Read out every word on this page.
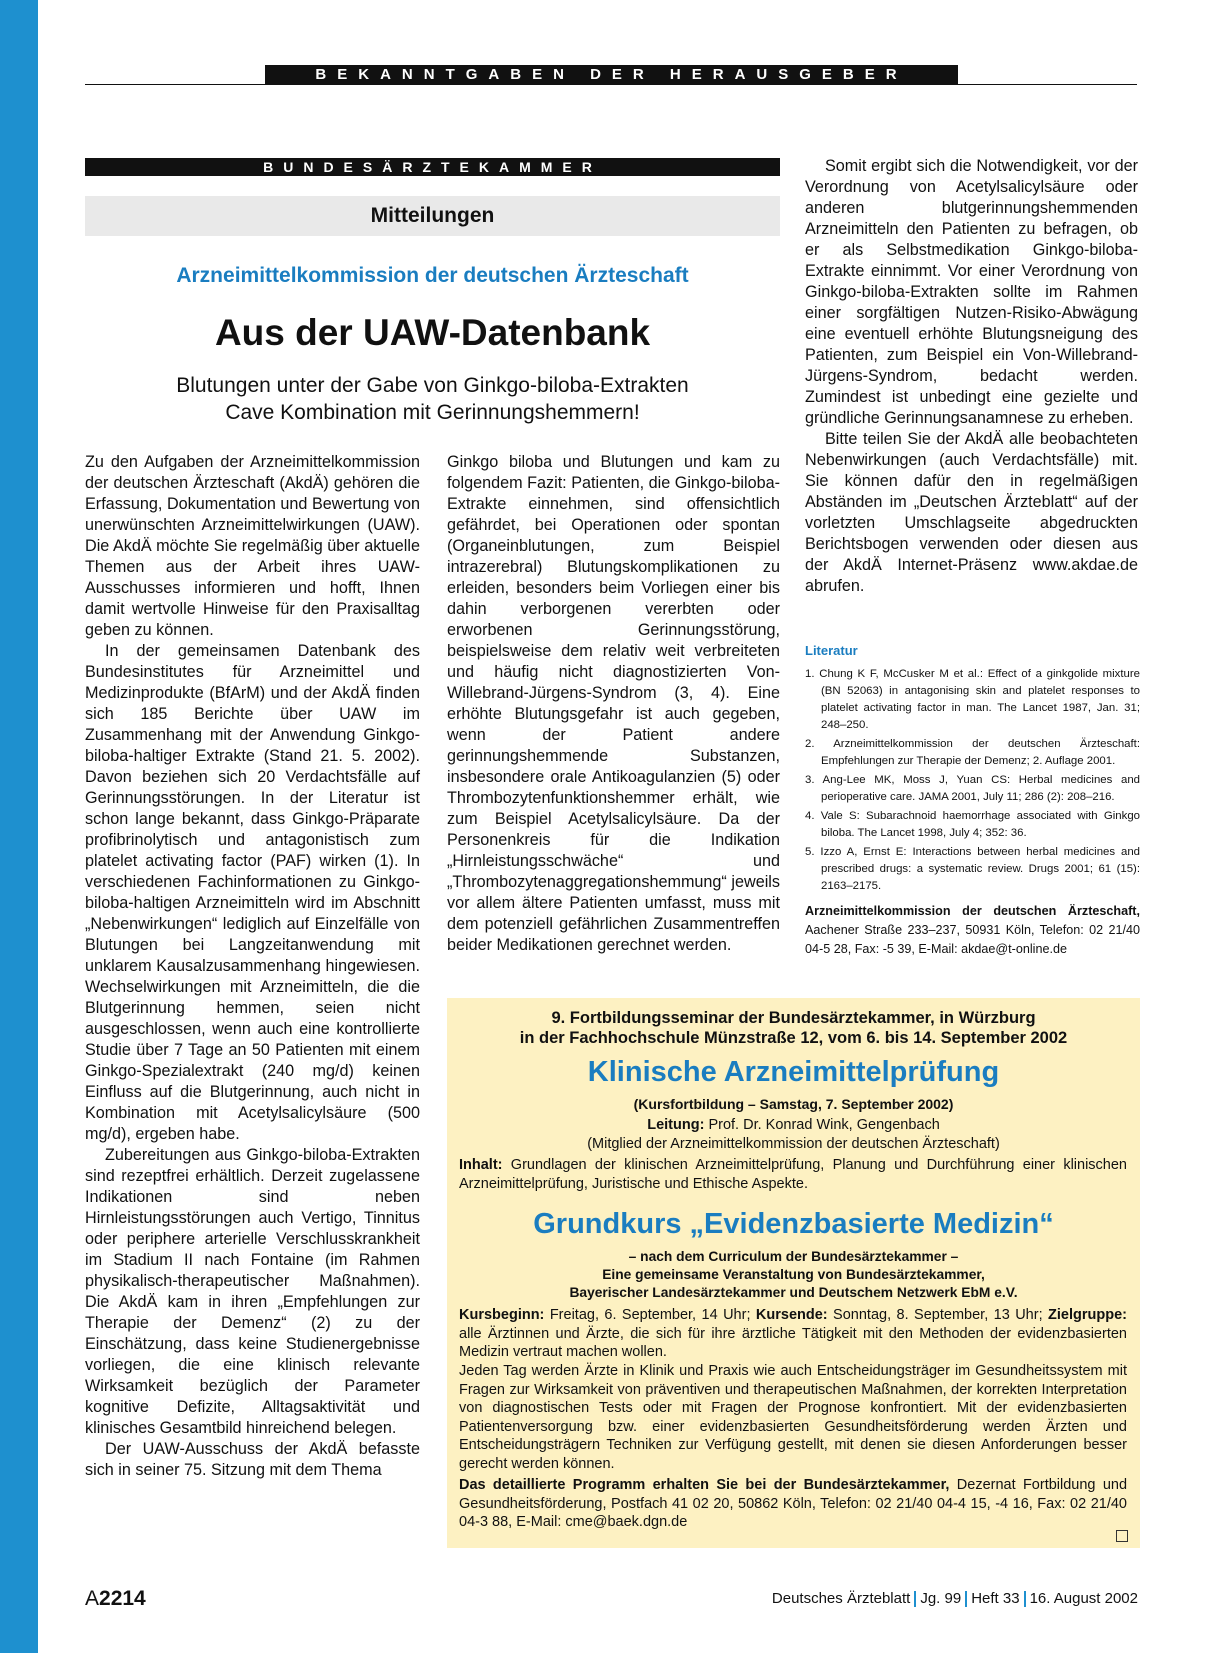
BEKANNTGABEN DER HERAUSGEBER
BUNDESÄRZTEKAMMER
Mitteilungen
Arzneimittelkommission der deutschen Ärzteschaft
Aus der UAW-Datenbank
Blutungen unter der Gabe von Ginkgo-biloba-Extrakten
Cave Kombination mit Gerinnungshemmern!

Zu den Aufgaben der Arzneimittelkommission der deutschen Ärzteschaft (AkdÄ) gehören die Erfassung, Dokumentation und Bewertung von unerwünschten Arzneimittelwirkungen (UAW). Die AkdÄ möchte Sie regelmäßig über aktuelle Themen aus der Arbeit ihres UAW-Ausschusses informieren und hofft, Ihnen damit wertvolle Hinweise für den Praxisalltag geben zu können.

In der gemeinsamen Datenbank des Bundesinstitutes für Arzneimittel und Medizinprodukte (BfArM) und der AkdÄ finden sich 185 Berichte über UAW im Zusammenhang mit der Anwendung Ginkgo-biloba-haltiger Extrakte (Stand 21. 5. 2002). Davon beziehen sich 20 Verdachtsfälle auf Gerinnungsstörungen. In der Literatur ist schon lange bekannt, dass Ginkgo-Präparate profibrinolytisch und antagonistisch zum platelet activating factor (PAF) wirken (1). In verschiedenen Fachinformationen zu Ginkgo-biloba-haltigen Arzneimitteln wird im Abschnitt „Nebenwirkungen“ lediglich auf Einzelfälle von Blutungen bei Langzeitanwendung mit unklarem Kausalzusammenhang hingewiesen. Wechselwirkungen mit Arzneimitteln, die die Blutgerinnung hemmen, seien nicht ausgeschlossen, wenn auch eine kontrollierte Studie über 7 Tage an 50 Patienten mit einem Ginkgo-Spezialextrakt (240 mg/d) keinen Einfluss auf die Blutgerinnung, auch nicht in Kombination mit Acetylsalicylsäure (500 mg/d), ergeben habe.

Zubereitungen aus Ginkgo-biloba-Extrakten sind rezeptfrei erhältlich. Derzeit zugelassene Indikationen sind neben Hirnleistungsstörungen auch Vertigo, Tinnitus oder periphere arterielle Verschlusskrankheit im Stadium II nach Fontaine (im Rahmen physikalisch-therapeutischer Maßnahmen). Die AkdÄ kam in ihren „Empfehlungen zur Therapie der Demenz“ (2) zu der Einschätzung, dass keine Studienergebnisse vorliegen, die eine klinisch relevante Wirksamkeit bezüglich der Parameter kognitive Defizite, Alltagsaktivität und klinisches Gesamtbild hinreichend belegen.

Der UAW-Ausschuss der AkdÄ befasste sich in seiner 75. Sitzung mit dem Thema

Ginkgo biloba und Blutungen und kam zu folgendem Fazit: Patienten, die Ginkgo-biloba-Extrakte einnehmen, sind offensichtlich gefährdet, bei Operationen oder spontan (Organeinblutungen, zum Beispiel intrazerebral) Blutungskomplikationen zu erleiden, besonders beim Vorliegen einer bis dahin verborgenen vererbten oder erworbenen Gerinnungsstörung, beispielsweise dem relativ weit verbreiteten und häufig nicht diagnostizierten Von-Willebrand-Jürgens-Syndrom (3, 4). Eine erhöhte Blutungsgefahr ist auch gegeben, wenn der Patient andere gerinnungshemmende Substanzen, insbesondere orale Antikoagulanzien (5) oder Thrombozytenfunktionshemmer erhält, wie zum Beispiel Acetylsalicylsäure. Da der Personenkreis für die Indikation „Hirnleistungsschwäche“ und „Thrombozytenaggregationshemmung“ jeweils vor allem ältere Patienten umfasst, muss mit dem potenziell gefährlichen Zusammentreffen beider Medikationen gerechnet werden.

Somit ergibt sich die Notwendigkeit, vor der Verordnung von Acetylsalicylsäure oder anderen blutgerinnungshemmenden Arzneimitteln den Patienten zu befragen, ob er als Selbstmedikation Ginkgo-biloba-Extrakte einnimmt. Vor einer Verordnung von Ginkgo-biloba-Extrakten sollte im Rahmen einer sorgfältigen Nutzen-Risiko-Abwägung eine eventuell erhöhte Blutungsneigung des Patienten, zum Beispiel ein Von-Willebrand-Jürgens-Syndrom, bedacht werden. Zumindest ist unbedingt eine gezielte und gründliche Gerinnungsanamnese zu erheben.

Bitte teilen Sie der AkdÄ alle beobachteten Nebenwirkungen (auch Verdachtsfälle) mit. Sie können dafür den in regelmäßigen Abständen im „Deutschen Ärzteblatt“ auf der vorletzten Umschlagseite abgedruckten Berichtsbogen verwenden oder diesen aus der AkdÄ Internet-Präsenz www.akdae.de abrufen.

Literatur
1. Chung K F, McCusker M et al.: Effect of a ginkgolide mixture (BN 52063) in antagonising skin and platelet responses to platelet activating factor in man. The Lancet 1987, Jan. 31; 248–250.
2. Arzneimittelkommission der deutschen Ärzteschaft: Empfehlungen zur Therapie der Demenz; 2. Auflage 2001.
3. Ang-Lee MK, Moss J, Yuan CS: Herbal medicines and perioperative care. JAMA 2001, July 11; 286 (2): 208–216.
4. Vale S: Subarachnoid haemorrhage associated with Ginkgo biloba. The Lancet 1998, July 4; 352: 36.
5. Izzo A, Ernst E: Interactions between herbal medicines and prescribed drugs: a systematic review. Drugs 2001; 61 (15): 2163–2175.
Arzneimittelkommission der deutschen Ärzteschaft, Aachener Straße 233–237, 50931 Köln, Telefon: 02 21/40 04-5 28, Fax: -5 39, E-Mail: akdae@t-online.de
9. Fortbildungsseminar der Bundesärztekammer, in Würzburg
in der Fachhochschule Münzstraße 12, vom 6. bis 14. September 2002
Klinische Arzneimittelprüfung
(Kursfortbildung – Samstag, 7. September 2002)
Leitung: Prof. Dr. Konrad Wink, Gengenbach
(Mitglied der Arzneimittelkommission der deutschen Ärzteschaft)
Inhalt: Grundlagen der klinischen Arzneimittelprüfung, Planung und Durchführung einer klinischen Arzneimittelprüfung, Juristische und Ethische Aspekte.
Grundkurs „Evidenzbasierte Medizin“
– nach dem Curriculum der Bundesärztekammer –
Eine gemeinsame Veranstaltung von Bundesärztekammer,
Bayerischer Landesärztekammer und Deutschem Netzwerk EbM e.V.
Kursbeginn: Freitag, 6. September, 14 Uhr; Kursende: Sonntag, 8. September, 13 Uhr; Zielgruppe: alle Ärztinnen und Ärzte, die sich für ihre ärztliche Tätigkeit mit den Methoden der evidenzbasierten Medizin vertraut machen wollen.
Jeden Tag werden Ärzte in Klinik und Praxis wie auch Entscheidungsträger im Gesundheitssystem mit Fragen zur Wirksamkeit von präventiven und therapeutischen Maßnahmen, der korrekten Interpretation von diagnostischen Tests oder mit Fragen der Prognose konfrontiert. Mit der evidenzbasierten Patientenversorgung bzw. einer evidenzbasierten Gesundheitsförderung werden Ärzten und Entscheidungsträgern Techniken zur Verfügung gestellt, mit denen sie diesen Anforderungen besser gerecht werden können.
Das detaillierte Programm erhalten Sie bei der Bundesärztekammer, Dezernat Fortbildung und Gesundheitsförderung, Postfach 41 02 20, 50862 Köln, Telefon: 02 21/40 04-4 15, -4 16, Fax: 02 21/40 04-3 88, E-Mail: cme@baek.dgn.de
A2214	Deutsches Ärzteblatt Jg. 99 Heft 33 16. August 2002
